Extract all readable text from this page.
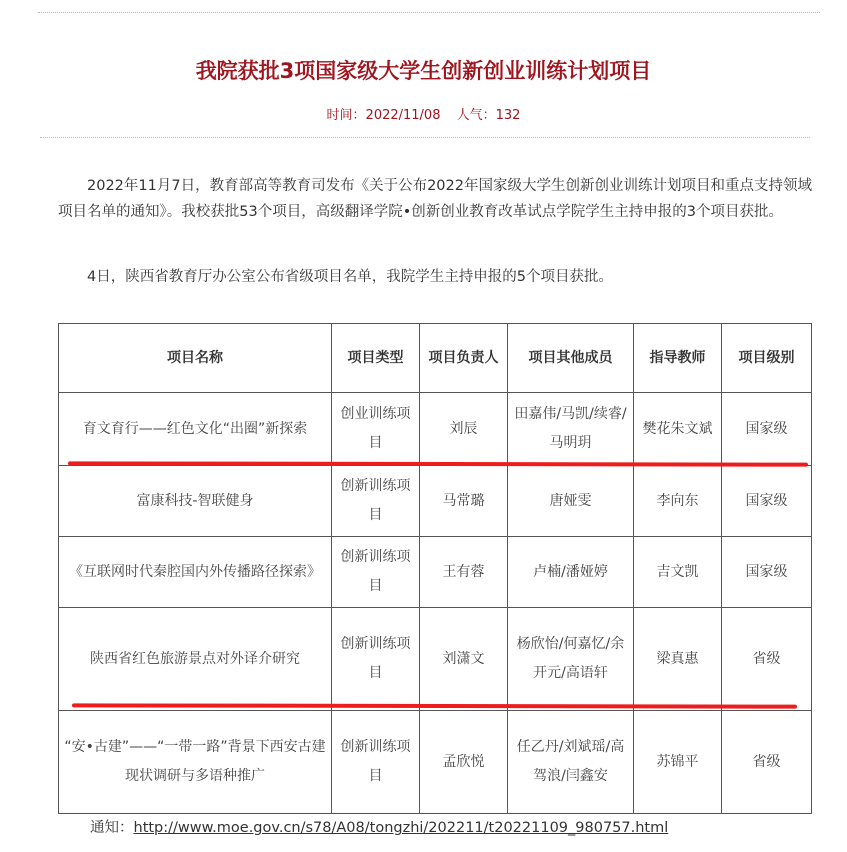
我院获批3项国家级大学生创新创业训练计划项目
时间：2022/11/08 人气：132

2022年11月7日，教育部高等教育司发布《关于公布2022年国家级大学生创新创业训练计划项目和重点支持领域项目名单的通知》。我校获批53个项目，高级翻译学院•创新创业教育改革试点学院学生主持申报的3个项目获批。

4日，陕西省教育厅办公室公布省级项目名单，我院学生主持申报的5个项目获批。

项目名称	项目类型	项目负责人	项目其他成员	指导教师	项目级别
育文育行——红色文化“出圈”新探索	创业训练项目	刘辰	田嘉伟/马凯/续睿/马明玥	樊花朱文斌	国家级
富康科技-智联健身	创新训练项目	马常璐	唐娅雯	李向东	国家级
《互联网时代秦腔国内外传播路径探索》	创新训练项目	王有蓉	卢楠/潘娅婷	吉文凯	国家级
陕西省红色旅游景点对外译介研究	创新训练项目	刘潇文	杨欣怡/何嘉忆/余开元/高语轩	梁真惠	省级
“安•古建”——“一带一路”背景下西安古建现状调研与多语种推广	创新训练项目	孟欣悦	任乙丹/刘斌瑶/高驾浪/闫鑫安	苏锦平	省级
通知：http://www.moe.gov.cn/s78/A08/tongzhi/202211/t20221109_980757.html
